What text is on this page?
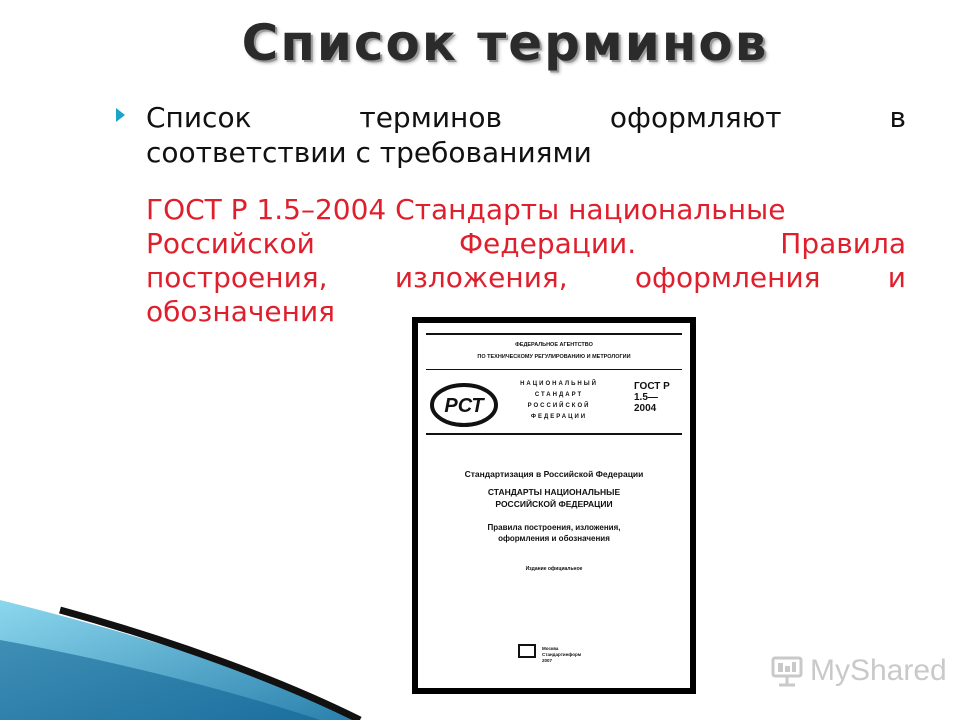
Список терминов
Список терминов оформляют в
соответствии с требованиями
ГОСТ Р 1.5–2004 Стандарты национальные
Российской Федерации. Правила
построения, изложения, оформления и
обозначения
ФЕДЕРАЛЬНОЕ АГЕНТСТВО
ПО ТЕХНИЧЕСКОМУ РЕГУЛИРОВАНИЮ И МЕТРОЛОГИИ
РСТ
НАЦИОНАЛЬНЫЙ
СТАНДАРТ
РОССИЙСКОЙ
ФЕДЕРАЦИИ
ГОСТ Р
1.5—
2004
Стандартизация в Российской Федерации
СТАНДАРТЫ НАЦИОНАЛЬНЫЕ
РОССИЙСКОЙ ФЕДЕРАЦИИ
Правила построения, изложения,
оформления и обозначения
Издание официальное
Москва
Стандартинформ
2007	MyShared
